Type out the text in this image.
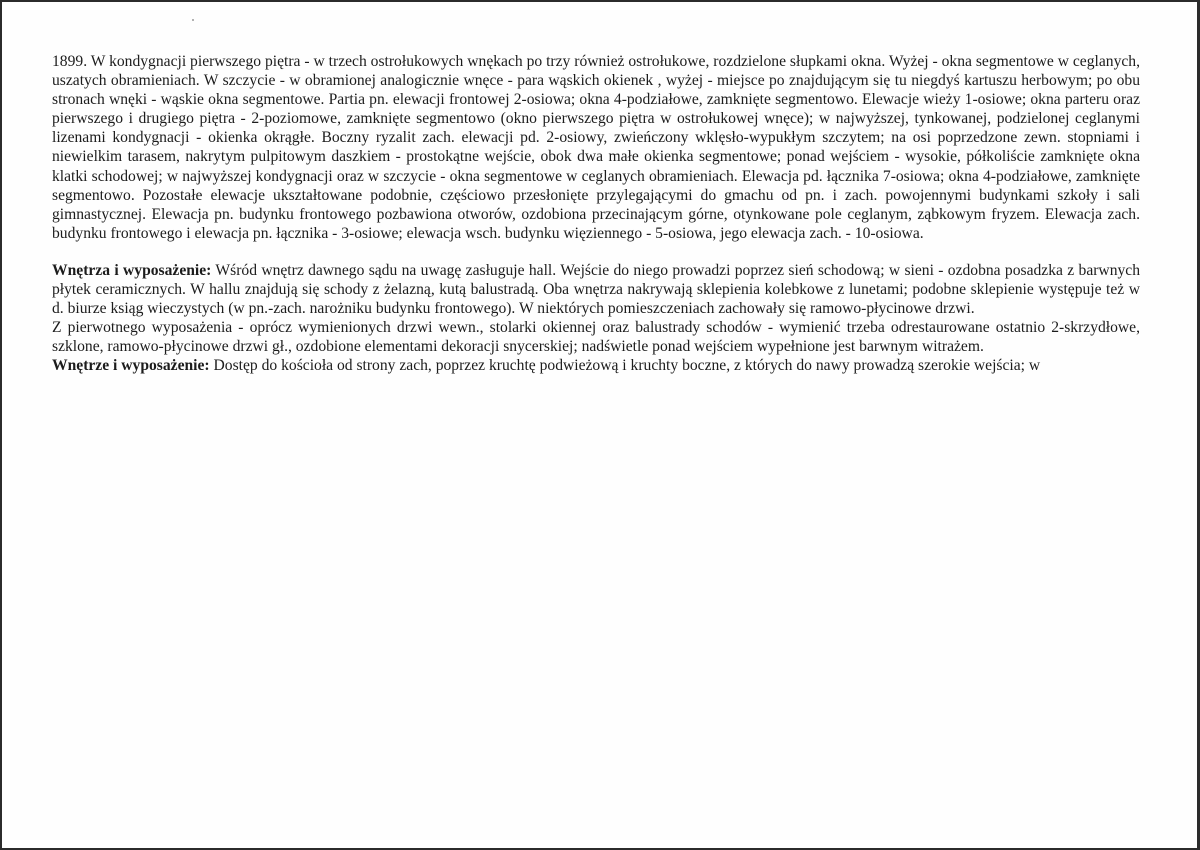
1899. W kondygnacji pierwszego piętra - w trzech ostrołukowych wnękach po trzy również ostrołukowe, rozdzielone słupkami okna. Wyżej - okna segmentowe w ceglanych, uszatych obramieniach. W szczycie - w obramionej analogicznie wnęce - para wąskich okienek , wyżej - miejsce po znajdującym się tu niegdyś kartuszu herbowym; po obu stronach wnęki - wąskie okna segmentowe. Partia pn. elewacji frontowej 2-osiowa; okna 4-podziałowe, zamknięte segmentowo. Elewacje wieży 1-osiowe; okna parteru oraz pierwszego i drugiego piętra - 2-poziomowe, zamknięte segmentowo (okno pierwszego piętra w ostrołukowej wnęce); w najwyższej, tynkowanej, podzielonej ceglanymi lizenami kondygnacji - okienka okrągłe. Boczny ryzalit zach. elewacji pd. 2-osiowy, zwieńczony wklęsło-wypukłym szczytem; na osi poprzedzone zewn. stopniami i niewielkim tarasem, nakrytym pulpitowym daszkiem - prostokątne wejście, obok dwa małe okienka segmentowe; ponad wejściem - wysokie, półkoliście zamknięte okna klatki schodowej; w najwyższej kondygnacji oraz w szczycie - okna segmentowe w ceglanych obramieniach. Elewacja pd. łącznika 7-osiowa; okna 4-podziałowe, zamknięte segmentowo. Pozostałe elewacje ukształtowane podobnie, częściowo przesłonięte przylegającymi do gmachu od pn. i zach. powojennymi budynkami szkoły i sali gimnastycznej. Elewacja pn. budynku frontowego pozbawiona otworów, ozdobiona przecinającym górne, otynkowane pole ceglanym, ząbkowym fryzem. Elewacja zach. budynku frontowego i elewacja pn. łącznika - 3-osiowe; elewacja wsch. budynku więziennego - 5-osiowa, jego elewacja zach. - 10-osiowa.

Wnętrza i wyposażenie: Wśród wnętrz dawnego sądu na uwagę zasługuje hall. Wejście do niego prowadzi poprzez sień schodową; w sieni - ozdobna posadzka z barwnych płytek ceramicznych. W hallu znajdują się schody z żelazną, kutą balustradą. Oba wnętrza nakrywają sklepienia kolebkowe z lunetami; podobne sklepienie występuje też w d. biurze ksiąg wieczystych (w pn.-zach. narożniku budynku frontowego). W niektórych pomieszczeniach zachowały się ramowo-płycinowe drzwi.

Z pierwotnego wyposażenia - oprócz wymienionych drzwi wewn., stolarki okiennej oraz balustrady schodów - wymienić trzeba odrestaurowane ostatnio 2-skrzydłowe, szklone, ramowo-płycinowe drzwi gł., ozdobione elementami dekoracji snycerskiej; nadświetle ponad wejściem wypełnione jest barwnym witrażem.

Wnętrze i wyposażenie: Dostęp do kościoła od strony zach, poprzez kruchtę podwieżową i kruchty boczne, z których do nawy prowadzą szerokie wejścia; w
